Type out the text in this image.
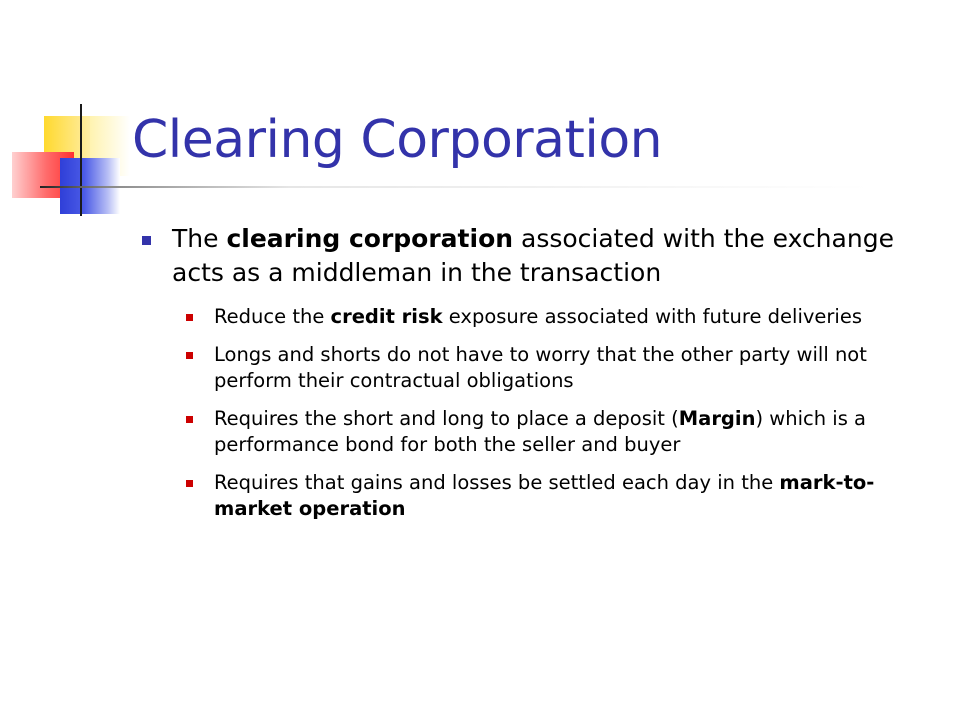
Clearing Corporation
The clearing corporation associated with the exchange acts as a middleman in the transaction
Reduce the credit risk exposure associated with future deliveries
Longs and shorts do not have to worry that the other party will not perform their contractual obligations
Requires the short and long to place a deposit (Margin) which is a performance bond for both the seller and buyer
Requires that gains and losses be settled each day in the mark-to-market operation
